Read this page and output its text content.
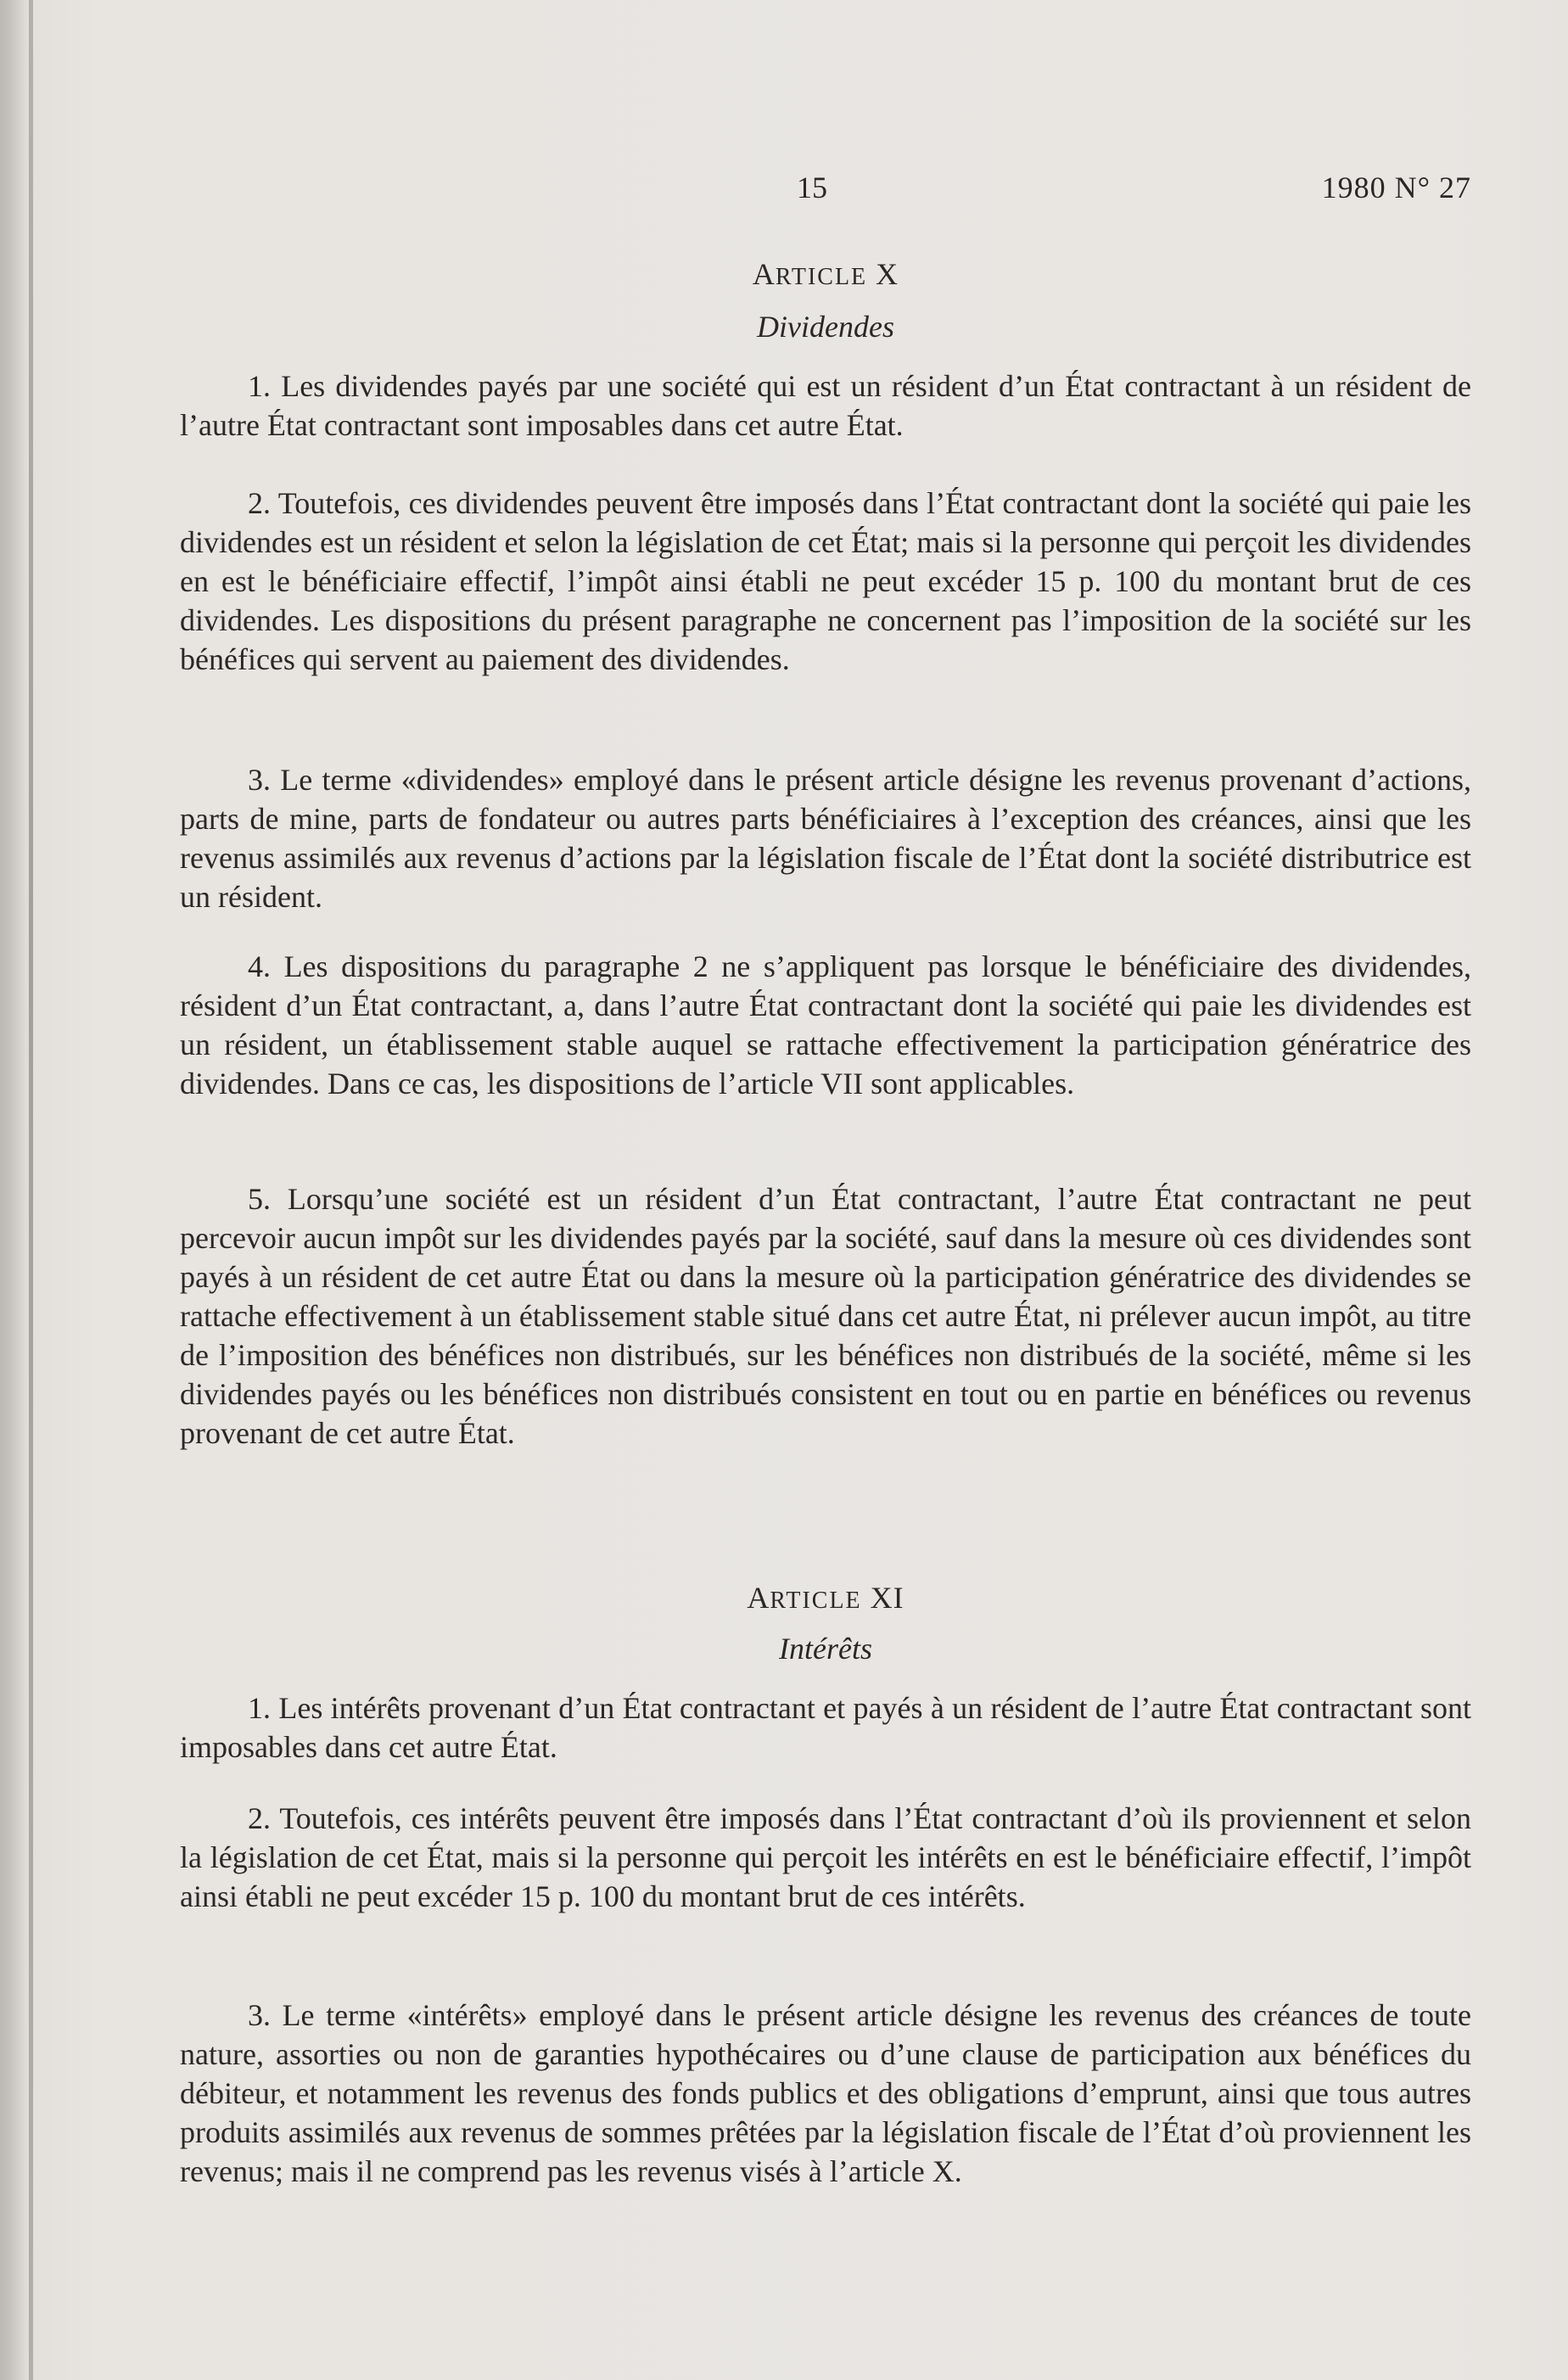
15	1980 N° 27
ARTICLE X
Dividendes

1. Les dividendes payés par une société qui est un résident d’un État contractant à un résident de l’autre État contractant sont imposables dans cet autre État.

2. Toutefois, ces dividendes peuvent être imposés dans l’État contractant dont la société qui paie les dividendes est un résident et selon la législation de cet État; mais si la personne qui perçoit les dividendes en est le bénéficiaire effectif, l’impôt ainsi établi ne peut excéder 15 p. 100 du montant brut de ces dividendes. Les dispositions du présent paragraphe ne concernent pas l’imposition de la société sur les bénéfices qui servent au paiement des dividendes.

3. Le terme «dividendes» employé dans le présent article désigne les revenus provenant d’actions, parts de mine, parts de fondateur ou autres parts bénéficiaires à l’exception des créances, ainsi que les revenus assimilés aux revenus d’actions par la législation fiscale de l’État dont la société distributrice est un résident.

4. Les dispositions du paragraphe 2 ne s’appliquent pas lorsque le bénéficiaire des dividendes, résident d’un État contractant, a, dans l’autre État contractant dont la société qui paie les dividendes est un résident, un établissement stable auquel se rattache effectivement la participation génératrice des dividendes. Dans ce cas, les dispositions de l’article VII sont applicables.

5. Lorsqu’une société est un résident d’un État contractant, l’autre État contractant ne peut percevoir aucun impôt sur les dividendes payés par la société, sauf dans la mesure où ces dividendes sont payés à un résident de cet autre État ou dans la mesure où la participation génératrice des dividendes se rattache effectivement à un établissement stable situé dans cet autre État, ni prélever aucun impôt, au titre de l’imposition des bénéfices non distribués, sur les bénéfices non distribués de la société, même si les dividendes payés ou les bénéfices non distribués consistent en tout ou en partie en bénéfices ou revenus provenant de cet autre État.

ARTICLE XI
Intérêts

1. Les intérêts provenant d’un État contractant et payés à un résident de l’autre État contractant sont imposables dans cet autre État.

2. Toutefois, ces intérêts peuvent être imposés dans l’État contractant d’où ils proviennent et selon la législation de cet État, mais si la personne qui perçoit les intérêts en est le bénéficiaire effectif, l’impôt ainsi établi ne peut excéder 15 p. 100 du montant brut de ces intérêts.

3. Le terme «intérêts» employé dans le présent article désigne les revenus des créances de toute nature, assorties ou non de garanties hypothécaires ou d’une clause de participation aux bénéfices du débiteur, et notamment les revenus des fonds publics et des obligations d’emprunt, ainsi que tous autres produits assimilés aux revenus de sommes prêtées par la législation fiscale de l’État d’où proviennent les revenus; mais il ne comprend pas les revenus visés à l’article X.
